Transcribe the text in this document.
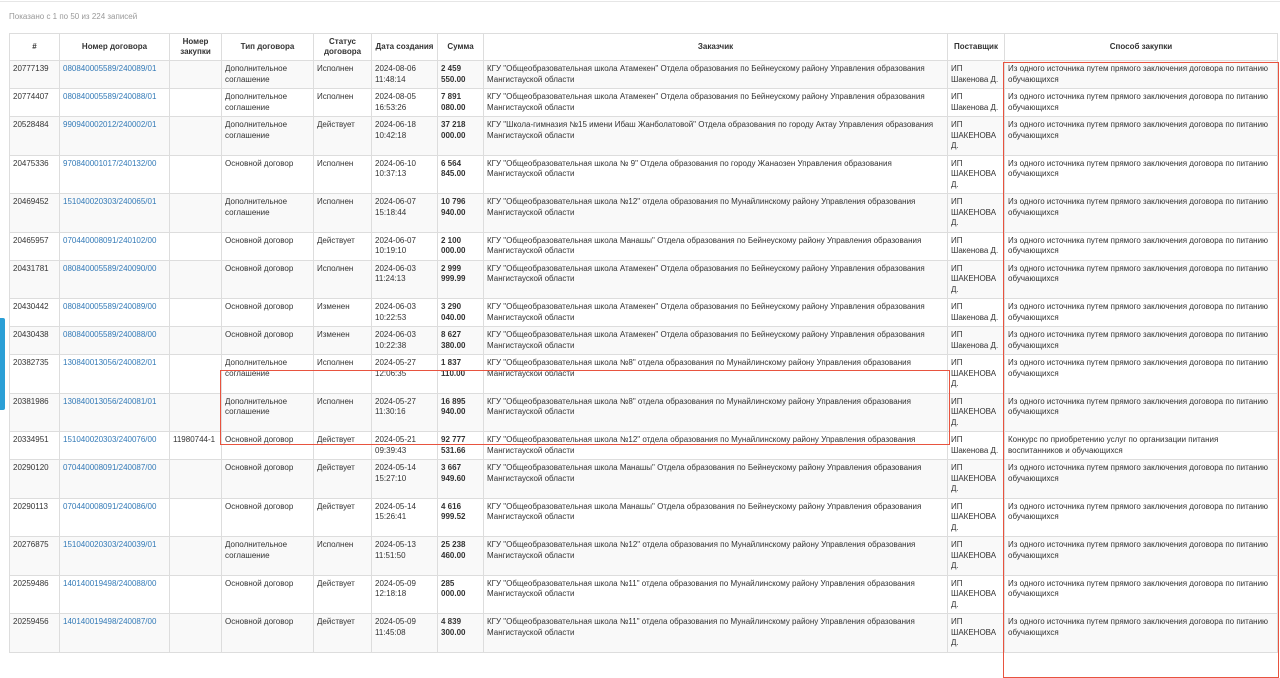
Показано с 1 по 50 из 224 записей
#	Номер договора	Номер закупки	Тип договора	Статус договора	Дата создания	Сумма	Заказчик	Поставщик	Способ закупки
20777139	080840005589/240089/01		Дополнительное соглашение	Исполнен	2024-08-06 11:48:14	2 459 550.00	КГУ "Общеобразовательная школа Атамекен" Отдела образования по Бейнеускому району Управления образования Мангистауской области	ИП Шакенова Д.	Из одного источника путем прямого заключения договора по питанию обучающихся
20774407	080840005589/240088/01		Дополнительное соглашение	Исполнен	2024-08-05 16:53:26	7 891 080.00	КГУ "Общеобразовательная школа Атамекен" Отдела образования по Бейнеускому району Управления образования Мангистауской области	ИП Шакенова Д.	Из одного источника путем прямого заключения договора по питанию обучающихся
20528484	990940002012/240002/01		Дополнительное соглашение	Действует	2024-06-18 10:42:18	37 218 000.00	КГУ "Школа-гимназия №15 имени Ибаш Жанболатовой" Отдела образования по городу Актау Управления образования Мангистауской области	ИП ШАКЕНОВА Д.	Из одного источника путем прямого заключения договора по питанию обучающихся
20475336	970840001017/240132/00		Основной договор	Исполнен	2024-06-10 10:37:13	6 564 845.00	КГУ "Общеобразовательная школа № 9" Отдела образования по городу Жанаозен Управления образования Мангистауской области	ИП ШАКЕНОВА Д.	Из одного источника путем прямого заключения договора по питанию обучающихся
20469452	151040020303/240065/01		Дополнительное соглашение	Исполнен	2024-06-07 15:18:44	10 796 940.00	КГУ "Общеобразовательная школа №12" отдела образования по Мунайлинскому району Управления образования Мангистауской области	ИП ШАКЕНОВА Д.	Из одного источника путем прямого заключения договора по питанию обучающихся
20465957	070440008091/240102/00		Основной договор	Действует	2024-06-07 10:19:10	2 100 000.00	КГУ "Общеобразовательная школа Манашы" Отдела образования по Бейнеускому району Управления образования Мангистауской области	ИП Шакенова Д.	Из одного источника путем прямого заключения договора по питанию обучающихся
20431781	080840005589/240090/00		Основной договор	Исполнен	2024-06-03 11:24:13	2 999 999.99	КГУ "Общеобразовательная школа Атамекен" Отдела образования по Бейнеускому району Управления образования Мангистауской области	ИП ШАКЕНОВА Д.	Из одного источника путем прямого заключения договора по питанию обучающихся
20430442	080840005589/240089/00		Основной договор	Изменен	2024-06-03 10:22:53	3 290 040.00	КГУ "Общеобразовательная школа Атамекен" Отдела образования по Бейнеускому району Управления образования Мангистауской области	ИП Шакенова Д.	Из одного источника путем прямого заключения договора по питанию обучающихся
20430438	080840005589/240088/00		Основной договор	Изменен	2024-06-03 10:22:38	8 627 380.00	КГУ "Общеобразовательная школа Атамекен" Отдела образования по Бейнеускому району Управления образования Мангистауской области	ИП Шакенова Д.	Из одного источника путем прямого заключения договора по питанию обучающихся
20382735	130840013056/240082/01		Дополнительное соглашение	Исполнен	2024-05-27 12:06:35	1 837 110.00	КГУ "Общеобразовательная школа №8" отдела образования по Мунайлинскому району Управления образования Мангистауской области	ИП ШАКЕНОВА Д.	Из одного источника путем прямого заключения договора по питанию обучающихся
20381986	130840013056/240081/01		Дополнительное соглашение	Исполнен	2024-05-27 11:30:16	16 895 940.00	КГУ "Общеобразовательная школа №8" отдела образования по Мунайлинскому району Управления образования Мангистауской области	ИП ШАКЕНОВА Д.	Из одного источника путем прямого заключения договора по питанию обучающихся
20334951	151040020303/240076/00	11980744-1	Основной договор	Действует	2024-05-21 09:39:43	92 777 531.66	КГУ "Общеобразовательная школа №12" отдела образования по Мунайлинскому району Управления образования Мангистауской области	ИП Шакенова Д.	Конкурс по приобретению услуг по организации питания воспитанников и обучающихся
20290120	070440008091/240087/00		Основной договор	Действует	2024-05-14 15:27:10	3 667 949.60	КГУ "Общеобразовательная школа Манашы" Отдела образования по Бейнеускому району Управления образования Мангистауской области	ИП ШАКЕНОВА Д.	Из одного источника путем прямого заключения договора по питанию обучающихся
20290113	070440008091/240086/00		Основной договор	Действует	2024-05-14 15:26:41	4 616 999.52	КГУ "Общеобразовательная школа Манашы" Отдела образования по Бейнеускому району Управления образования Мангистауской области	ИП ШАКЕНОВА Д.	Из одного источника путем прямого заключения договора по питанию обучающихся
20276875	151040020303/240039/01		Дополнительное соглашение	Исполнен	2024-05-13 11:51:50	25 238 460.00	КГУ "Общеобразовательная школа №12" отдела образования по Мунайлинскому району Управления образования Мангистауской области	ИП ШАКЕНОВА Д.	Из одного источника путем прямого заключения договора по питанию обучающихся
20259486	140140019498/240088/00		Основной договор	Действует	2024-05-09 12:18:18	285 000.00	КГУ "Общеобразовательная школа №11" отдела образования по Мунайлинскому району Управления образования Мангистауской области	ИП ШАКЕНОВА Д.	Из одного источника путем прямого заключения договора по питанию обучающихся
20259456	140140019498/240087/00		Основной договор	Действует	2024-05-09 11:45:08	4 839 300.00	КГУ "Общеобразовательная школа №11" отдела образования по Мунайлинскому району Управления образования Мангистауской области	ИП ШАКЕНОВА Д.	Из одного источника путем прямого заключения договора по питанию обучающихся
